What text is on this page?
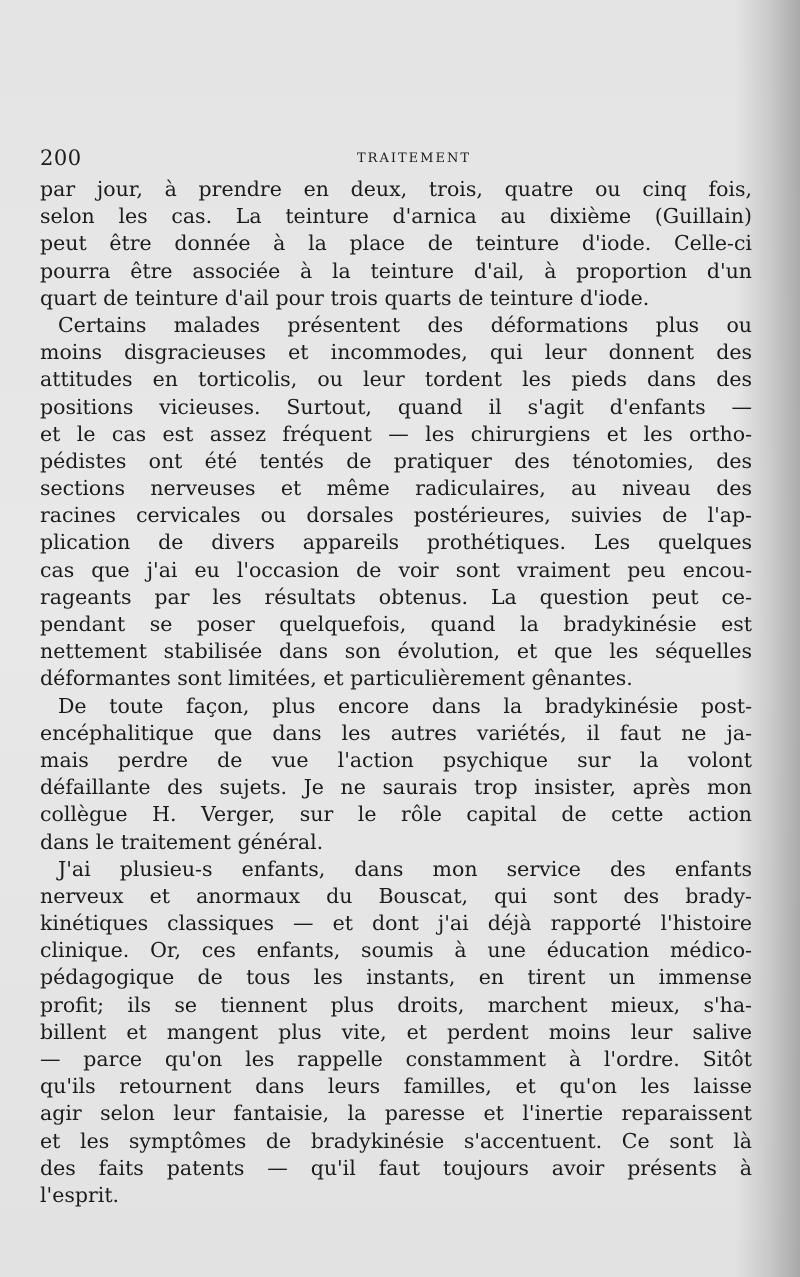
200	TRAITEMENT
par jour, à prendre en deux, trois, quatre ou cinq fois,
selon les cas. La teinture d'arnica au dixième (Guillain)
peut être donnée à la place de teinture d'iode. Celle-ci
pourra être associée à la teinture d'ail, à proportion d'un
quart de teinture d'ail pour trois quarts de teinture d'iode.
Certains malades présentent des déformations plus ou
moins disgracieuses et incommodes, qui leur donnent des
attitudes en torticolis, ou leur tordent les pieds dans des
positions vicieuses. Surtout, quand il s'agit d'enfants —
et le cas est assez fréquent — les chirurgiens et les ortho-
pédistes ont été tentés de pratiquer des ténotomies, des
sections nerveuses et même radiculaires, au niveau des
racines cervicales ou dorsales postérieures, suivies de l'ap-
plication de divers appareils prothétiques. Les quelques
cas que j'ai eu l'occasion de voir sont vraiment peu encou-
rageants par les résultats obtenus. La question peut ce-
pendant se poser quelquefois, quand la bradykinésie est
nettement stabilisée dans son évolution, et que les séquelles
déformantes sont limitées, et particulièrement gênantes.
De toute façon, plus encore dans la bradykinésie post-
encéphalitique que dans les autres variétés, il faut ne ja-
mais perdre de vue l'action psychique sur la volont
défaillante des sujets. Je ne saurais trop insister, après mon
collègue H. Verger, sur le rôle capital de cette action
dans le traitement général.
J'ai plusieu-s enfants, dans mon service des enfants
nerveux et anormaux du Bouscat, qui sont des brady-
kinétiques classiques — et dont j'ai déjà rapporté l'histoire
clinique. Or, ces enfants, soumis à une éducation médico-
pédagogique de tous les instants, en tirent un immense
profit; ils se tiennent plus droits, marchent mieux, s'ha-
billent et mangent plus vite, et perdent moins leur salive
— parce qu'on les rappelle constamment à l'ordre. Sitôt
qu'ils retournent dans leurs familles, et qu'on les laisse
agir selon leur fantaisie, la paresse et l'inertie reparaissent
et les symptômes de bradykinésie s'accentuent. Ce sont là
des faits patents — qu'il faut toujours avoir présents à
l'esprit.
